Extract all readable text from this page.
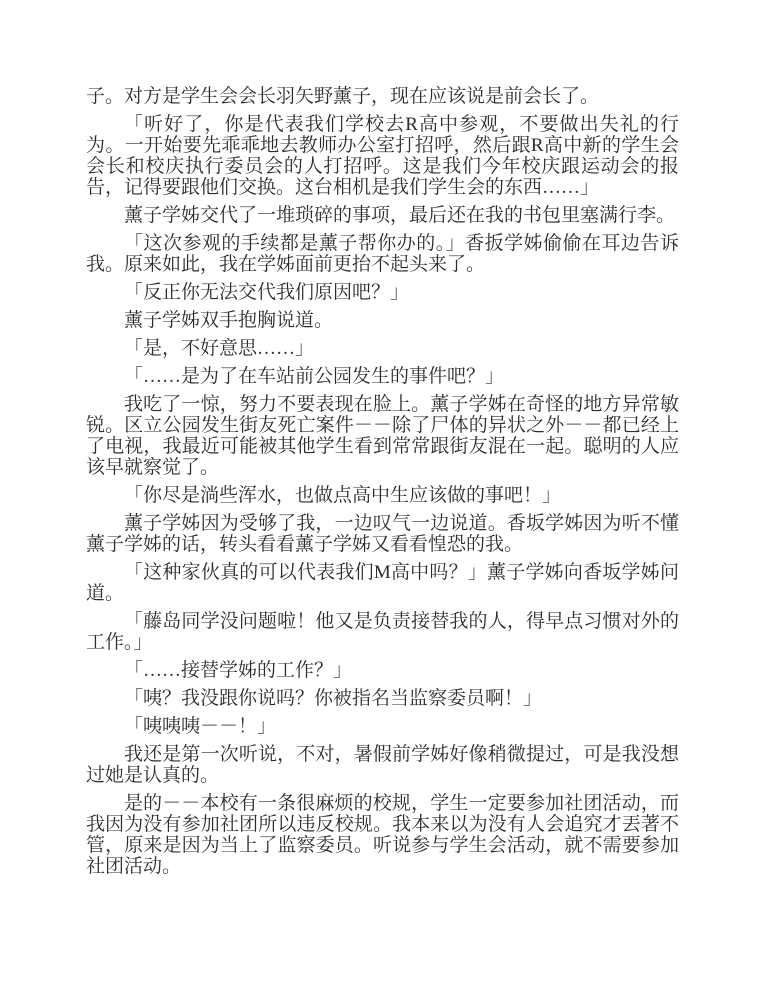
子。对方是学生会会长羽矢野薰子，现在应该说是前会长了。

「听好了，你是代表我们学校去R高中参观，不要做出失礼的行
为。一开始要先乖乖地去教师办公室打招呼，然后跟R高中新的学生会
会长和校庆执行委员会的人打招呼。这是我们今年校庆跟运动会的报
告，记得要跟他们交换。这台相机是我们学生会的东西……」

薰子学姊交代了一堆琐碎的事项，最后还在我的书包里塞满行李。

「这次参观的手续都是薰子帮你办的。」香扳学姊偷偷在耳边告诉
我。原来如此，我在学姊面前更抬不起头来了。

「反正你无法交代我们原因吧？」

薰子学姊双手抱胸说道。

「是，不好意思……」

「……是为了在车站前公园发生的事件吧？」

我吃了一惊，努力不要表现在脸上。薰子学姊在奇怪的地方异常敏
锐。区立公园发生街友死亡案件－－除了尸体的异状之外－－都已经上
了电视，我最近可能被其他学生看到常常跟街友混在一起。聪明的人应
该早就察觉了。

「你尽是淌些浑水，也做点高中生应该做的事吧！」

薰子学姊因为受够了我，一边叹气一边说道。香坂学姊因为听不懂
薰子学姊的话，转头看看薰子学姊又看看惶恐的我。

「这种家伙真的可以代表我们M高中吗？」薰子学姊向香坂学姊问
道。

「藤岛同学没问题啦！他又是负责接替我的人，得早点习惯对外的
工作。」

「……接替学姊的工作？」

「咦？我没跟你说吗？你被指名当监察委员啊！」

「咦咦咦－－！」

我还是第一次听说，不对，暑假前学姊好像稍微提过，可是我没想
过她是认真的。

是的－－本校有一条很麻烦的校规，学生一定要参加社团活动，而
我因为没有参加社团所以违反校规。我本来以为没有人会追究才丟著不
管，原来是因为当上了监察委员。听说参与学生会活动，就不需要参加
社团活动。
